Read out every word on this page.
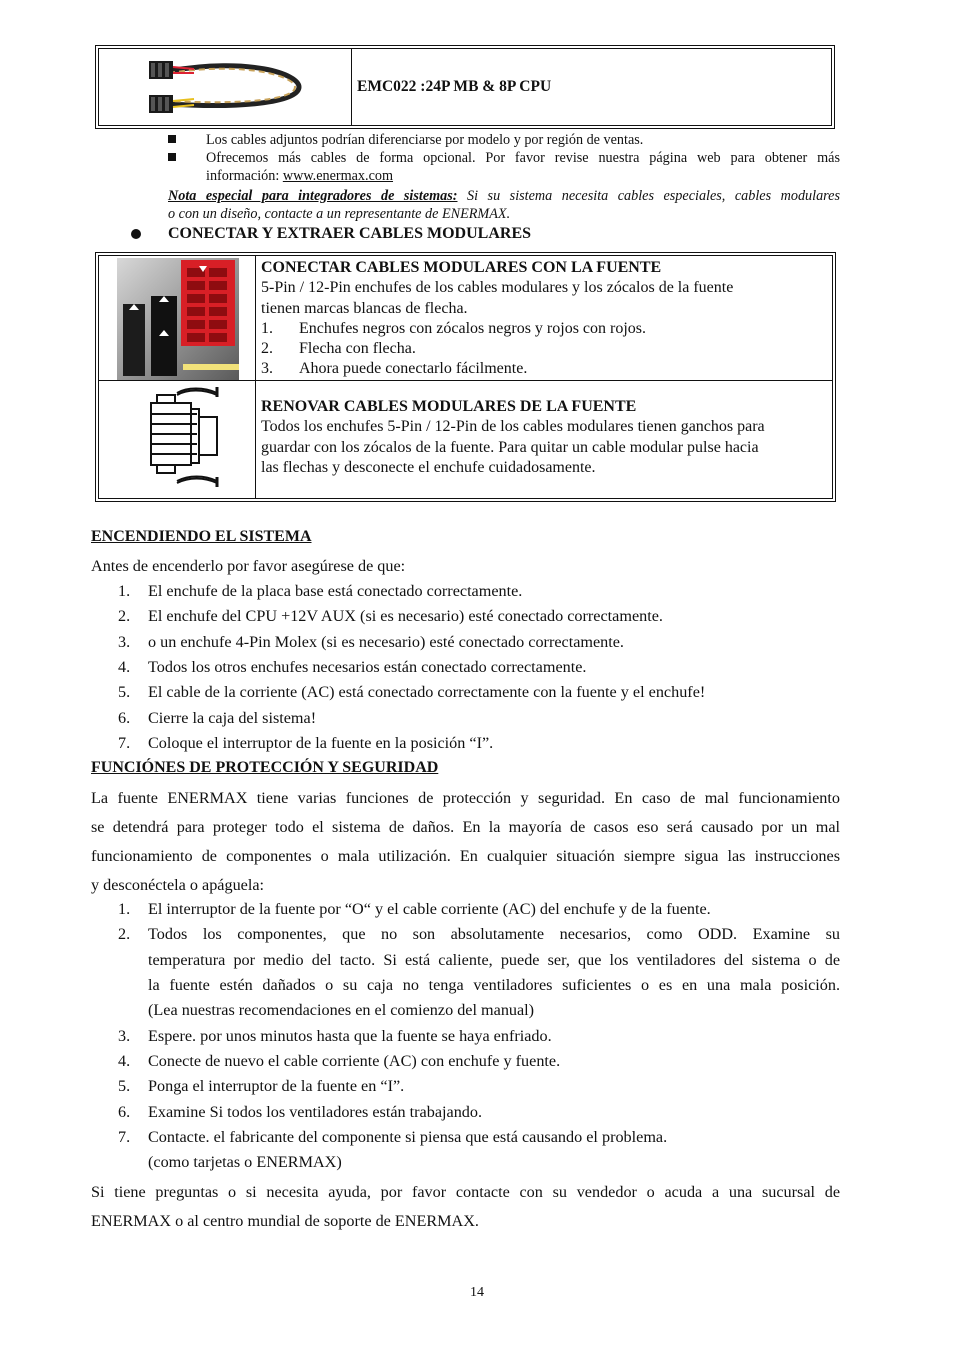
EMC022 :24P MB & 8P CPU
Los cables adjuntos podrían diferenciarse por modelo y por región de ventas.
Ofrecemos más cables de forma opcional. Por favor revise nuestra página web para obtener más
información: www.enermax.com
Nota especial para integradores de sistemas: Si su sistema necesita cables especiales, cables modulares
o con un diseño, contacte a un representante de ENERMAX.
CONECTAR Y EXTRAER CABLES MODULARES
CONECTAR CABLES MODULARES CON LA FUENTE
5-Pin / 12-Pin enchufes de los cables modulares y los zócalos de la fuente
tienen marcas blancas de flecha.
1. Enchufes negros con zócalos negros y rojos con rojos.
2. Flecha con flecha.
3. Ahora puede conectarlo fácilmente.
RENOVAR CABLES MODULARES DE LA FUENTE
Todos los enchufes 5-Pin / 12-Pin de los cables modulares tienen ganchos para
guardar con los zócalos de la fuente. Para quitar un cable modular pulse hacia
las flechas y desconecte el enchufe cuidadosamente.
ENCENDIENDO EL SISTEMA
Antes de encenderlo por favor asegúrese de que:
1.	El enchufe de la placa base está conectado correctamente.
2.	El enchufe del CPU +12V AUX (si es necesario) esté conectado correctamente.
3.	o un enchufe 4-Pin Molex (si es necesario) esté conectado correctamente.
4.	Todos los otros enchufes necesarios están conectado correctamente.
5.	El cable de la corriente (AC) está conectado correctamente con la fuente y el enchufe!
6.	Cierre la caja del sistema!
7.	Coloque el interruptor de la fuente en la posición “I”.
FUNCIÓNES DE PROTECCIÓN Y SEGURIDAD
La fuente ENERMAX tiene varias funciones de protección y seguridad. En caso de mal funcionamiento
se detendrá para proteger todo el sistema de daños. En la mayoría de casos eso será causado por un mal
funcionamiento de componentes o mala utilización. En cualquier situación siempre sigua las instrucciones
y desconéctela o apáguela:
1.	El interruptor de la fuente por “O“ y el cable corriente (AC) del enchufe y de la fuente.
2.	Todos los componentes, que no son absolutamente necesarios, como ODD. Examine su
temperatura por medio del tacto. Si está caliente, puede ser, que los ventiladores del sistema o de
la fuente estén dañados o su caja no tenga ventiladores suficientes o es en una mala posición.
(Lea nuestras recomendaciones en el comienzo del manual)
3.	Espere. por unos minutos hasta que la fuente se haya enfriado.
4.	Conecte de nuevo el cable corriente (AC) con enchufe y fuente.
5.	Ponga el interruptor de la fuente en “I”.
6.	Examine Si todos los ventiladores están trabajando.
7.	Contacte. el fabricante del componente si piensa que está causando el problema.
(como tarjetas o ENERMAX)
Si tiene preguntas o si necesita ayuda, por favor contacte con su vendedor o acuda a una sucursal de
ENERMAX o al centro mundial de soporte de ENERMAX.
14
